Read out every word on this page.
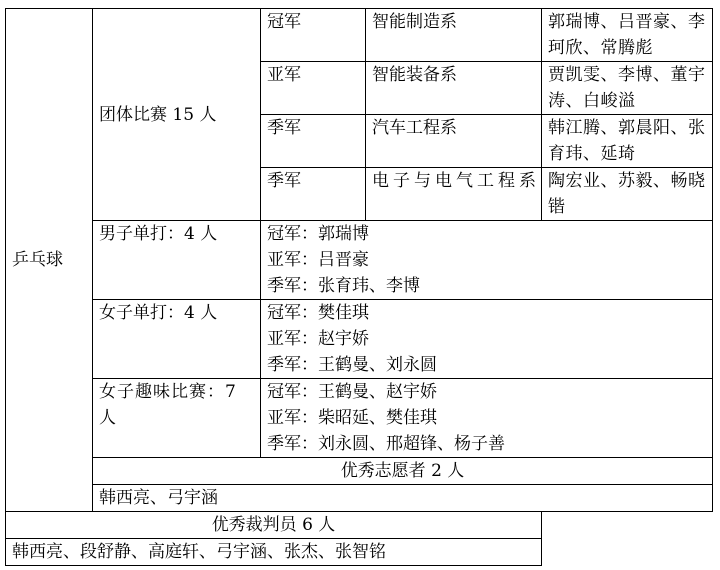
乒乓球	团体比赛 15 人	冠军	智能制造系	郭瑞博、吕晋豪、李珂欣、常腾彪
		亚军	智能装备系	贾凯雯、李博、董宇涛、白峻溢
		季军	汽车工程系	韩江腾、郭晨阳、张育玮、延琦
		季军	电子与电气工程系	陶宏业、苏毅、畅晓锴
	男子单打：4 人	冠军：郭瑞博
亚军：吕晋豪
季军：张育玮、李博		

	女子单打：4 人	冠军：樊佳琪
亚军：赵宇娇
季军：王鹤曼、刘永圆		

	女子趣味比赛：7 人	冠军：王鹤曼、赵宇娇
亚军：柴昭延、樊佳琪
季军：刘永圆、邢超锋、杨子善		

	优秀志愿者 2 人			
	韩西亮、弓宇涵			
优秀裁判员 6 人				
韩西亮、段舒静、高庭轩、弓宇涵、张杰、张智铭				
